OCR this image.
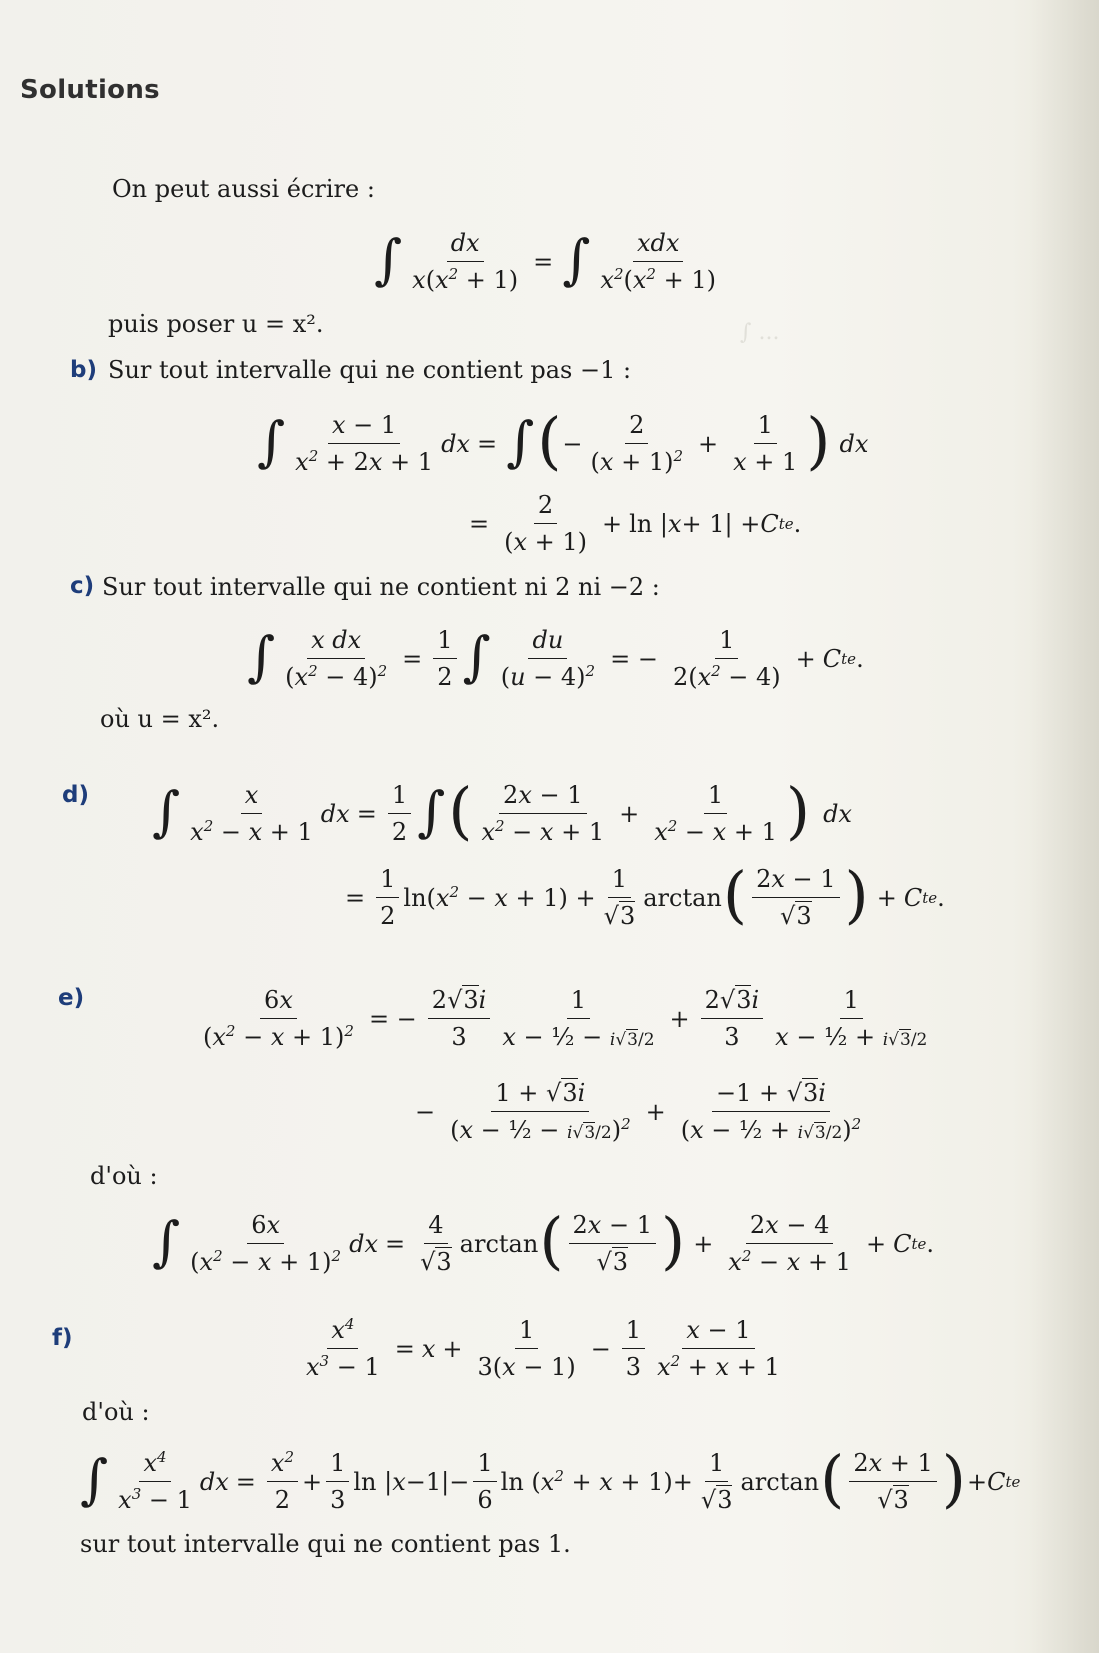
∫ ...
Solutions
On peut aussi écrire :
∫ $\frac{dx}{x(x^2 + 1)}$ = ∫ $\frac{\text{xdx}}{x^2(x^2 + 1)}$
puis poser u = x².
b) Sur tout intervalle qui ne contient pas −1 :
∫ $\frac{x - 1}{x^2 + 2x + 1}$ dx = ∫ ( − $\frac{2}{(x + 1)^2} + \frac{1}{x + 1}$ ) dx
= $\frac{2}{(x + 1)} + \ln$ | x + 1| + C te .
c) Sur tout intervalle qui ne contient ni 2 ni −2 :
∫ $\frac{\text{x dx}}{(x^2 - 4)^2} = \frac{1}{2}$ ∫ $\frac{du}{(u - 4)^2}$ = − $\frac{1}{2(x^2 - 4)} + C$ te .
où u = x².
d) ∫ $\frac{x}{x^2 - x + 1}$ dx = $\frac{1}{2}$ ∫ ( $\frac{2x - 1}{x^2 - x + 1} + \frac{1}{x^2 - x + 1}$ ) dx
= $\frac{1}{2} \ln(x^2 - x + 1) + \frac{1}{√3}$ arctan ( $\frac{2x - 1}{√3}$ ) + C te .
e)	$\frac{6x}{(x^2 - x + 1)^2}$ = − $\frac{2√3i}{3} \frac{1}{\text{x − ½ − i√3/2}} + \frac{2√3i}{3} \frac{1}{\text{x − ½ + i√3/2}}$
− $\frac{1 + √3i}{(x - \frac{1}{2} - i√3/2)^2} + \frac{-1 + √3i}{(x - \frac{1}{2} + i√3/2)^2}$
d'où :
∫ $\frac{6x}{(x^2 - x + 1)^2}$ dx = $\frac{4}{√3}$ arctan ( $\frac{2x - 1}{√3}$ ) + $\frac{2x - 4}{x^2 - x + 1} + C$ te .
f)	$\frac{x^4}{x^3 - 1} = x + \frac{1}{3(x - 1)} - \frac{1}{3} \frac{x - 1}{x^2 + x + 1}$
d'où :
∫ $\frac{x^4}{x^3 - 1}$ dx = $\frac{x^2}{2} + \frac{1}{3}$ $\ln |x-1|- \frac{1}{6}$ $\ln (x^2 + x + 1)+ \frac{1}{√3}$ arctan ( $\frac{2x + 1}{√3}$ ) + C te
sur tout intervalle qui ne contient pas 1.
